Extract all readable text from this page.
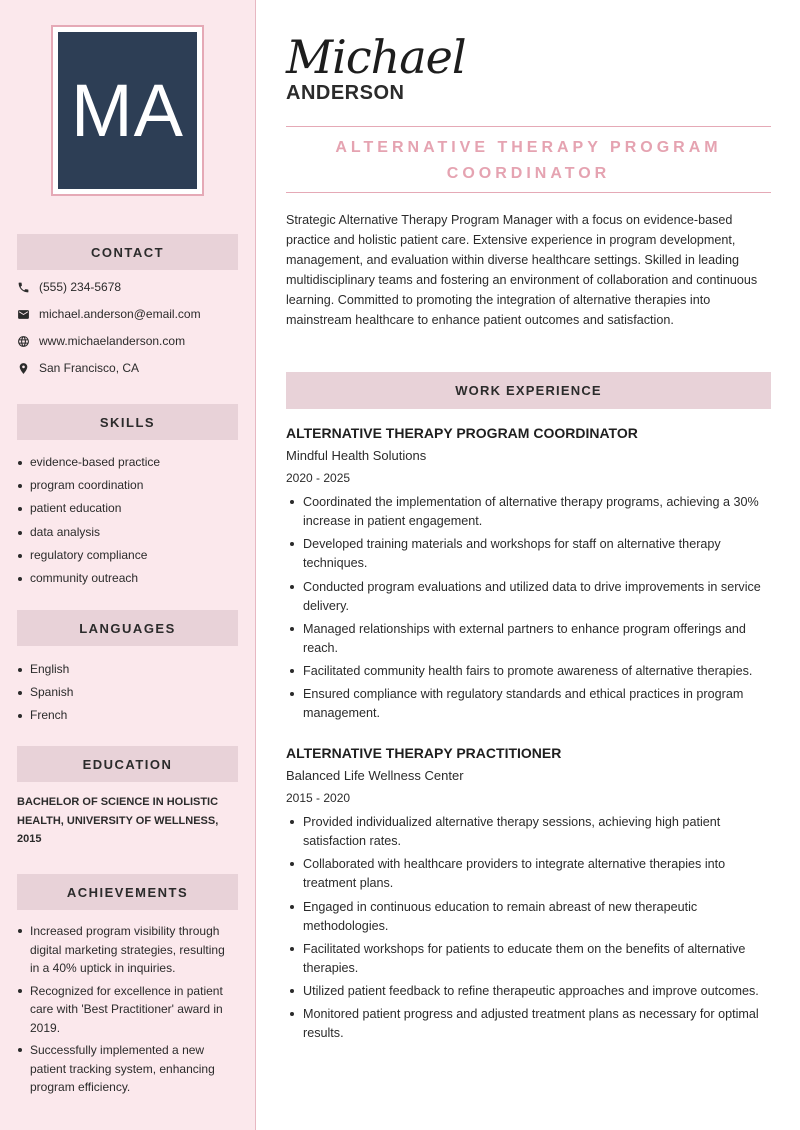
MA
CONTACT
(555) 234-5678
michael.anderson@email.com
www.michaelanderson.com
San Francisco, CA
SKILLS
evidence-based practice
program coordination
patient education
data analysis
regulatory compliance
community outreach
LANGUAGES
English
Spanish
French
EDUCATION
BACHELOR OF SCIENCE IN HOLISTIC HEALTH, UNIVERSITY OF WELLNESS, 2015
ACHIEVEMENTS
Increased program visibility through digital marketing strategies, resulting in a 40% uptick in inquiries.
Recognized for excellence in patient care with 'Best Practitioner' award in 2019.
Successfully implemented a new patient tracking system, enhancing program efficiency.
Michael
ANDERSON
ALTERNATIVE THERAPY PROGRAM COORDINATOR

Strategic Alternative Therapy Program Manager with a focus on evidence-based practice and holistic patient care. Extensive experience in program development, management, and evaluation within diverse healthcare settings. Skilled in leading multidisciplinary teams and fostering an environment of collaboration and continuous learning. Committed to promoting the integration of alternative therapies into mainstream healthcare to enhance patient outcomes and satisfaction.

WORK EXPERIENCE
ALTERNATIVE THERAPY PROGRAM COORDINATOR
Mindful Health Solutions
2020 - 2025
Coordinated the implementation of alternative therapy programs, achieving a 30% increase in patient engagement.
Developed training materials and workshops for staff on alternative therapy techniques.
Conducted program evaluations and utilized data to drive improvements in service delivery.
Managed relationships with external partners to enhance program offerings and reach.
Facilitated community health fairs to promote awareness of alternative therapies.
Ensured compliance with regulatory standards and ethical practices in program management.
ALTERNATIVE THERAPY PRACTITIONER
Balanced Life Wellness Center
2015 - 2020
Provided individualized alternative therapy sessions, achieving high patient satisfaction rates.
Collaborated with healthcare providers to integrate alternative therapies into treatment plans.
Engaged in continuous education to remain abreast of new therapeutic methodologies.
Facilitated workshops for patients to educate them on the benefits of alternative therapies.
Utilized patient feedback to refine therapeutic approaches and improve outcomes.
Monitored patient progress and adjusted treatment plans as necessary for optimal results.
